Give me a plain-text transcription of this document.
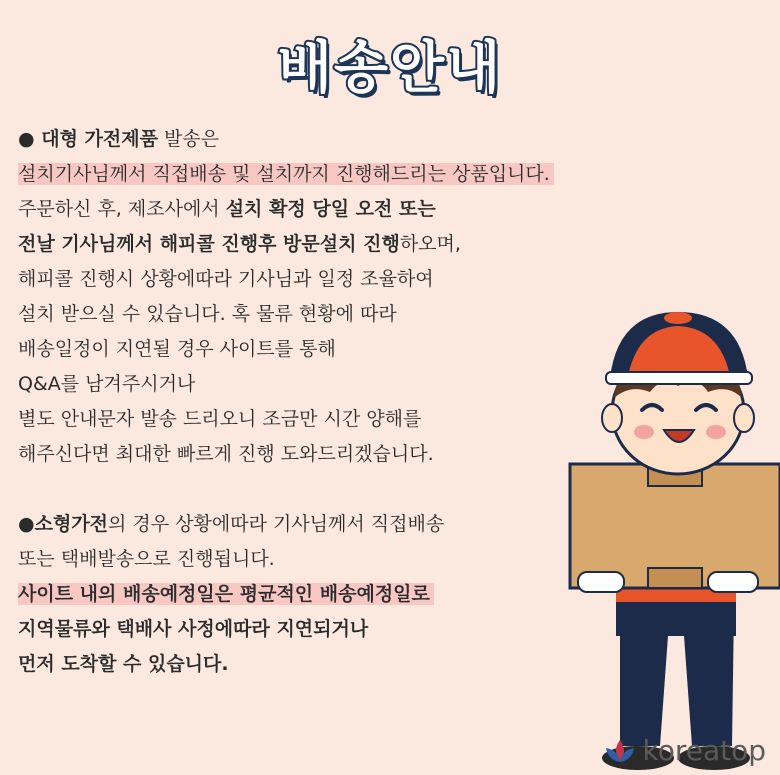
배송안내
● 대형 가전제품 발송은
설치기사님께서 직접배송 및 설치까지 진행해드리는 상품입니다.
주문하신 후, 제조사에서 설치 확정 당일 오전 또는
전날 기사님께서 해피콜 진행후 방문설치 진행하오며,
해피콜 진행시 상황에따라 기사님과 일정 조율하여
설치 받으실 수 있습니다. 혹 물류 현황에 따라
배송일정이 지연될 경우 사이트를 통해
Q&A를 남겨주시거나
별도 안내문자 발송 드리오니 조금만 시간 양해를
해주신다면 최대한 빠르게 진행 도와드리겠습니다.
●소형가전의 경우 상황에따라 기사님께서 직접배송
또는 택배발송으로 진행됩니다.
사이트 내의 배송예정일은 평균적인 배송예정일로
지역물류와 택배사 사정에따라 지연되거나
먼저 도착할 수 있습니다.
koreatop
